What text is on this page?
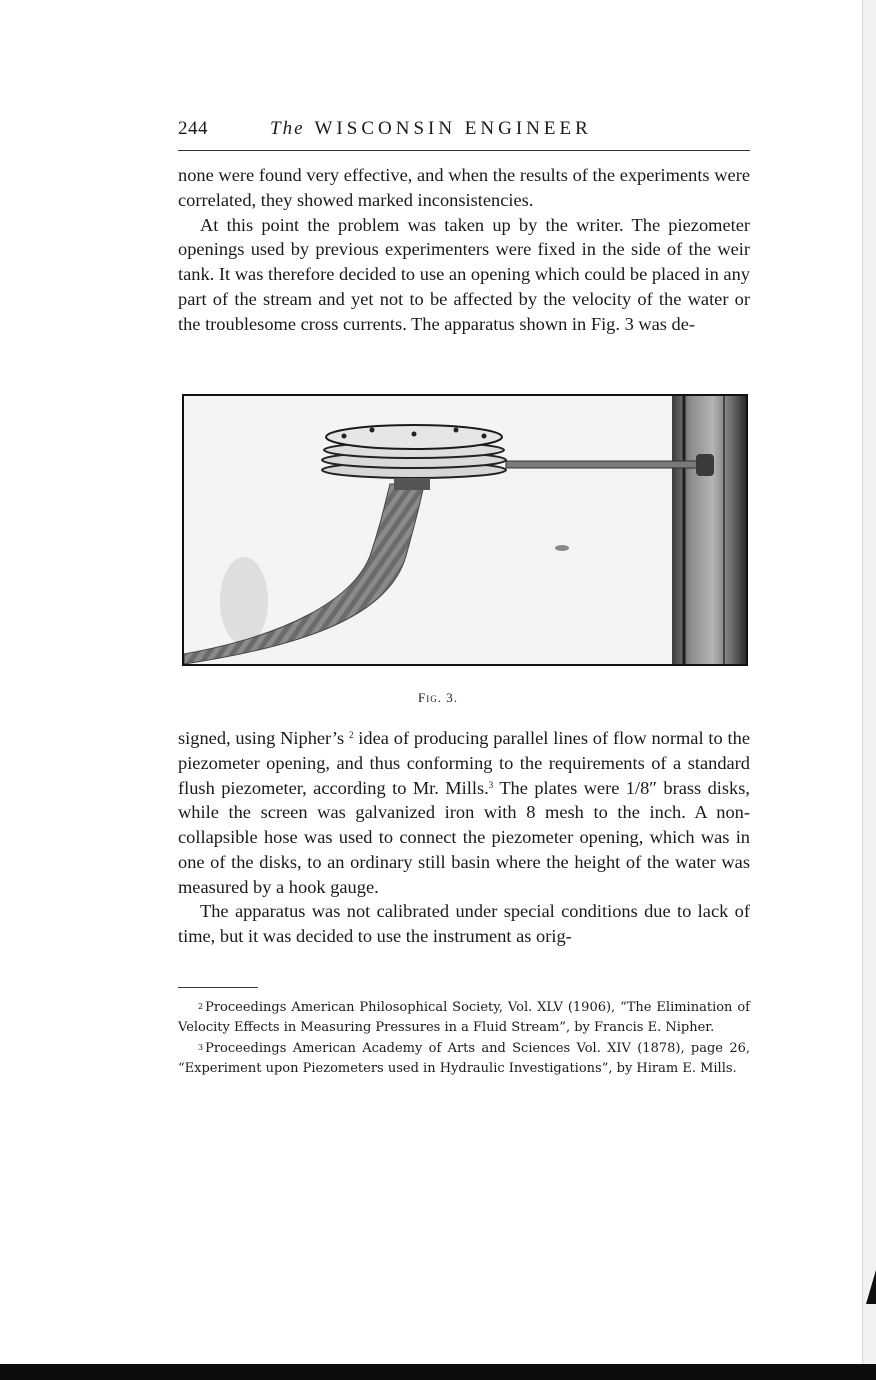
244	The WISCONSIN ENGINEER

none were found very effective, and when the results of the experiments were correlated, they showed marked inconsistencies.

At this point the problem was taken up by the writer. The piezometer openings used by previous experimenters were fixed in the side of the weir tank. It was therefore decided to use an opening which could be placed in any part of the stream and yet not to be affected by the velocity of the water or the troublesome cross currents. The apparatus shown in Fig. 3 was de-

Fig. 3.

signed, using Nipher’s $^2$ idea of producing parallel lines of flow normal to the piezometer opening, and thus conforming to the requirements of a standard flush piezometer, according to Mr. Mills.$^3$ The plates were 1/8″ brass disks, while the screen was galvanized iron with 8 mesh to the inch. A non-collapsible hose was used to connect the piezometer opening, which was in one of the disks, to an ordinary still basin where the height of the water was measured by a hook gauge.

The apparatus was not calibrated under special conditions due to lack of time, but it was decided to use the instrument as orig-

$^2$ Proceedings American Philosophical Society, Vol. XLV (1906), “The Elimination of Velocity Effects in Measuring Pressures in a Fluid Stream”, by Francis E. Nipher.

$^3$ Proceedings American Academy of Arts and Sciences Vol. XIV (1878), page 26, “Experiment upon Piezometers used in Hydraulic Investigations”, by Hiram E. Mills.
